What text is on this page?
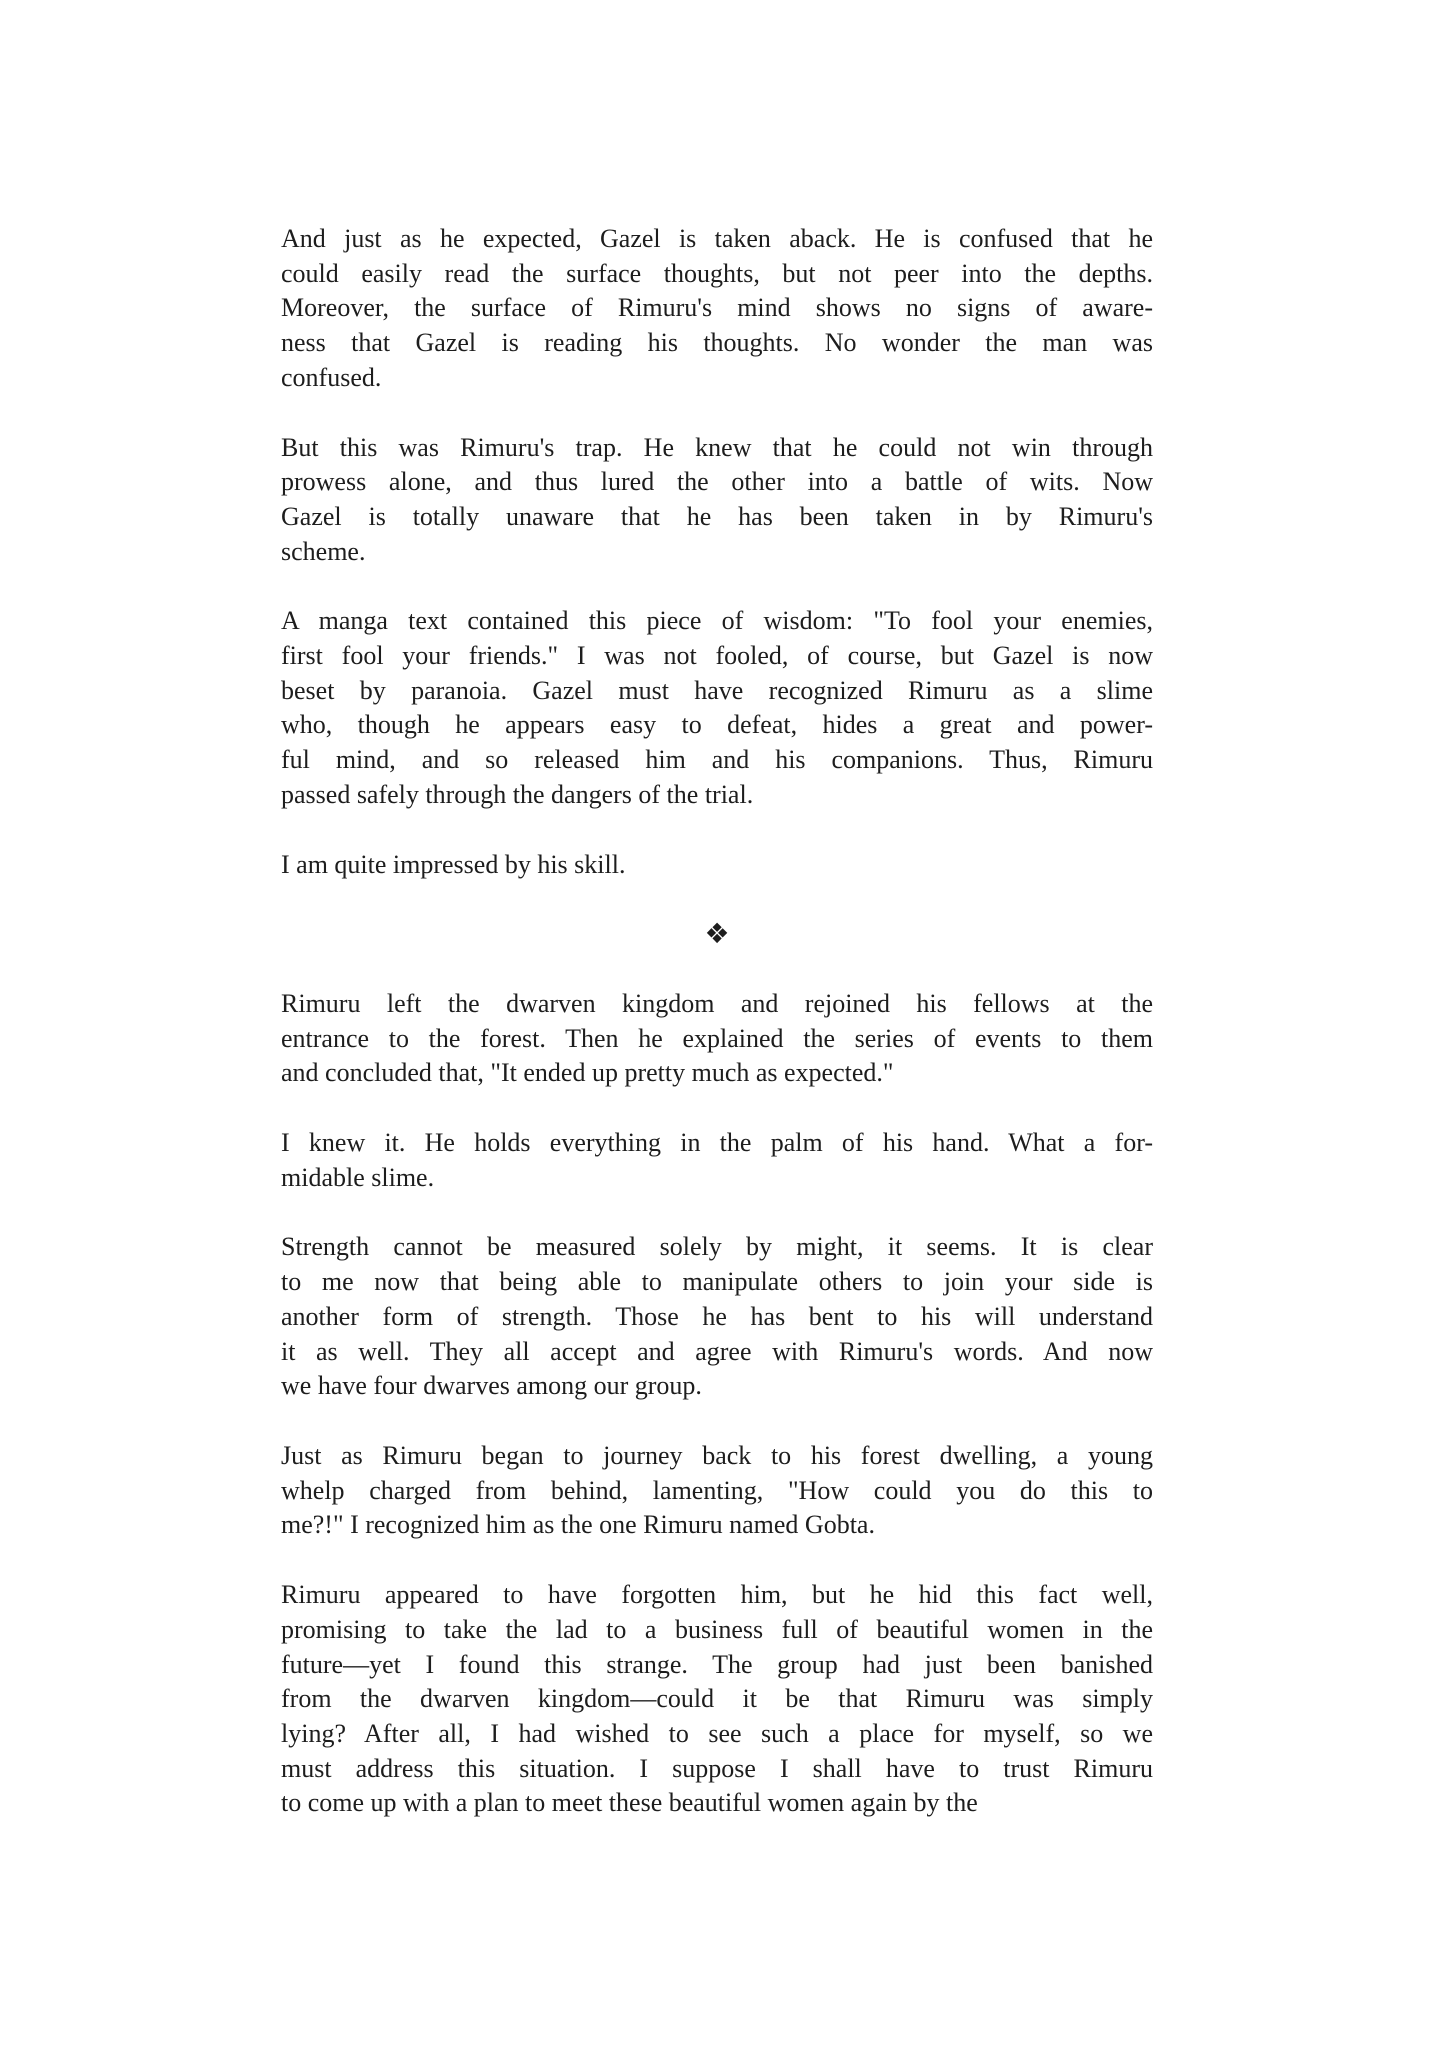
And just as he expected, Gazel is taken aback. He is confused that he
could easily read the surface thoughts, but not peer into the depths.
Moreover, the surface of Rimuru's mind shows no signs of aware-
ness that Gazel is reading his thoughts. No wonder the man was
confused.
But this was Rimuru's trap. He knew that he could not win through
prowess alone, and thus lured the other into a battle of wits. Now
Gazel is totally unaware that he has been taken in by Rimuru's
scheme.
A manga text contained this piece of wisdom: "To fool your enemies,
first fool your friends." I was not fooled, of course, but Gazel is now
beset by paranoia. Gazel must have recognized Rimuru as a slime
who, though he appears easy to defeat, hides a great and power-
ful mind, and so released him and his companions. Thus, Rimuru
passed safely through the dangers of the trial.
I am quite impressed by his skill.
❖
Rimuru left the dwarven kingdom and rejoined his fellows at the
entrance to the forest. Then he explained the series of events to them
and concluded that, "It ended up pretty much as expected."
I knew it. He holds everything in the palm of his hand. What a for-
midable slime.
Strength cannot be measured solely by might, it seems. It is clear
to me now that being able to manipulate others to join your side is
another form of strength. Those he has bent to his will understand
it as well. They all accept and agree with Rimuru's words. And now
we have four dwarves among our group.
Just as Rimuru began to journey back to his forest dwelling, a young
whelp charged from behind, lamenting, "How could you do this to
me?!" I recognized him as the one Rimuru named Gobta.
Rimuru appeared to have forgotten him, but he hid this fact well,
promising to take the lad to a business full of beautiful women in the
future—yet I found this strange. The group had just been banished
from the dwarven kingdom—could it be that Rimuru was simply
lying? After all, I had wished to see such a place for myself, so we
must address this situation. I suppose I shall have to trust Rimuru
to come up with a plan to meet these beautiful women again by the
